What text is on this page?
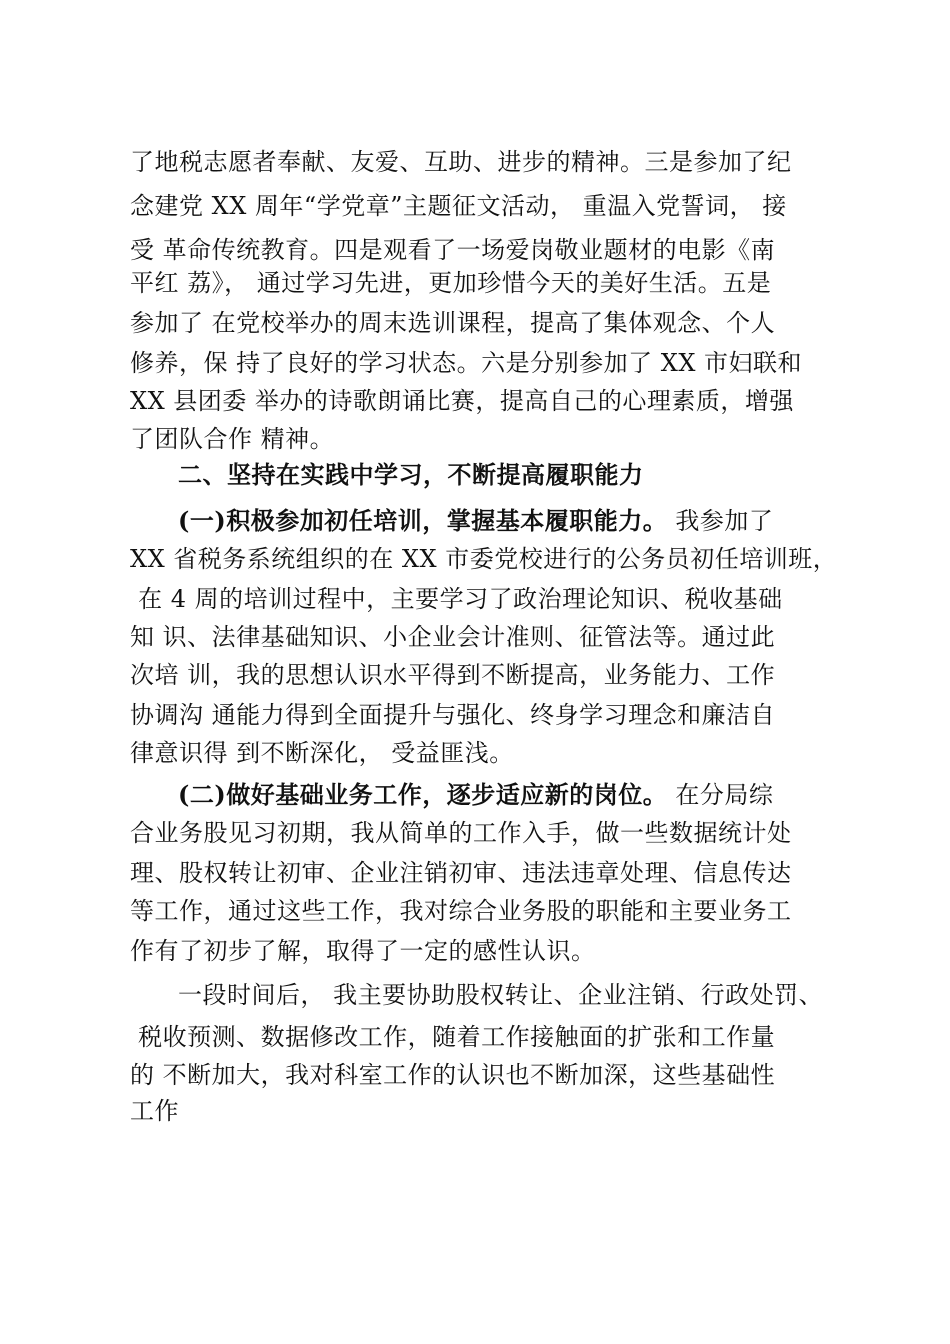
了地税志愿者奉献、友爱、互助、进步的精神。三是参加了纪
念建党 XX 周年“学党章”主题征文活动， 重温入党誓词， 接
受 革命传统教育。四是观看了一场爱岗敬业题材的电影《南
平红 荔》， 通过学习先进，更加珍惜今天的美好生活。五是
参加了 在党校举办的周末选训课程，提高了集体观念、个人
修养，保 持了良好的学习状态。六是分别参加了 XX 市妇联和
XX 县团委 举办的诗歌朗诵比赛，提高自己的心理素质，增强
了团队合作 精神。
二、坚持在实践中学习，不断提高履职能力
(一)积极参加初任培训，掌握基本履职能力。 我参加了
XX 省税务系统组织的在 XX 市委党校进行的公务员初任培训班，
在 4 周的培训过程中，主要学习了政治理论知识、税收基础
知 识、法律基础知识、小企业会计准则、征管法等。通过此
次培 训，我的思想认识水平得到不断提高，业务能力、工作
协调沟 通能力得到全面提升与强化、终身学习理念和廉洁自
律意识得 到不断深化， 受益匪浅。
(二)做好基础业务工作，逐步适应新的岗位。 在分局综
合业务股见习初期，我从简单的工作入手，做一些数据统计处
理、股权转让初审、企业注销初审、违法违章处理、信息传达
等工作，通过这些工作，我对综合业务股的职能和主要业务工
作有了初步了解，取得了一定的感性认识。
一段时间后， 我主要协助股权转让、企业注销、行政处罚、
税收预测、数据修改工作，随着工作接触面的扩张和工作量
的 不断加大，我对科室工作的认识也不断加深，这些基础性
工作
